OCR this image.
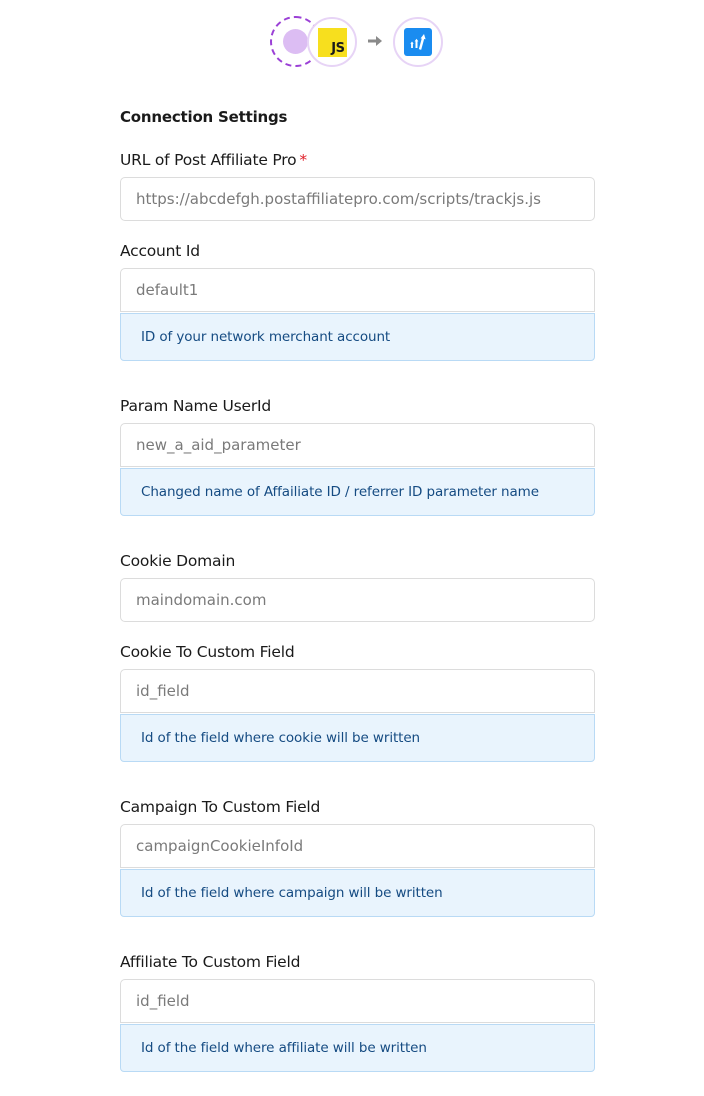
JS
Connection Settings
URL of Post Affiliate Pro *
https://abcdefgh.postaffiliatepro.com/scripts/trackjs.js
Account Id
default1
ID of your network merchant account
Param Name UserId
new_a_aid_parameter
Changed name of Affailiate ID / referrer ID parameter name
Cookie Domain
maindomain.com
Cookie To Custom Field
id_field
Id of the field where cookie will be written
Campaign To Custom Field
campaignCookieInfoId
Id of the field where campaign will be written
Affiliate To Custom Field
id_field
Id of the field where affiliate will be written
